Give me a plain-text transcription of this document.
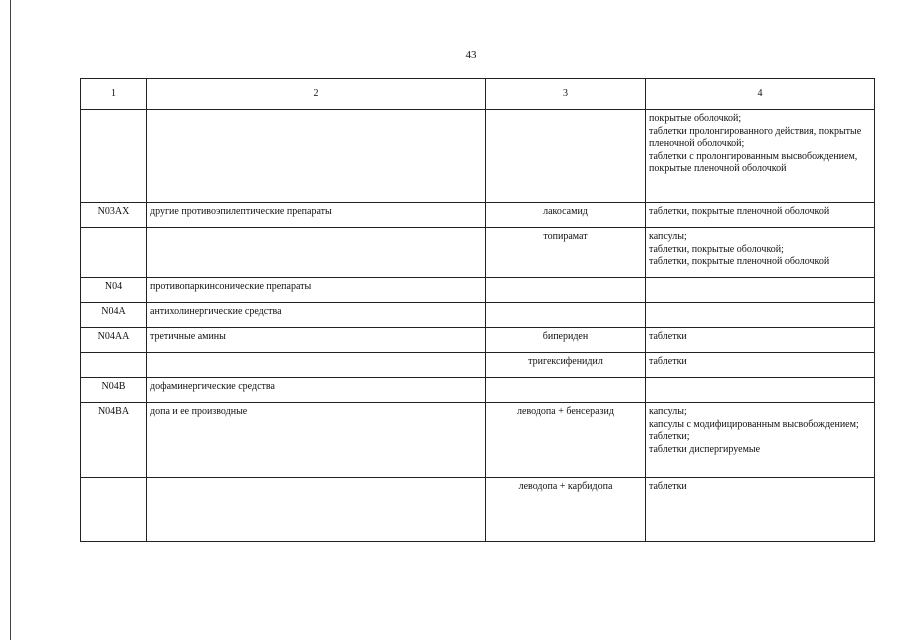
43
1	2	3	4
			покрытые оболочкой;
таблетки пролонгированного действия, покрытые пленочной оболочкой;
таблетки с пролонгированным высвобождением, покрытые пленочной оболочкой
N03AX	другие противоэпилептические препараты	лакосамид	таблетки, покрытые пленочной оболочкой
		топирамат	капсулы;
таблетки, покрытые оболочкой;
таблетки, покрытые пленочной оболочкой
N04	противопаркинсонические препараты		
N04A	антихолинергические средства		
N04AA	третичные амины	бипериден	таблетки
		тригексифенидил	таблетки
N04B	дофаминергические средства		
N04BA	допа и ее производные	леводопа + бенсеразид	капсулы;
капсулы с модифицированным высвобождением;
таблетки;
таблетки диспергируемые
		леводопа + карбидопа	таблетки
